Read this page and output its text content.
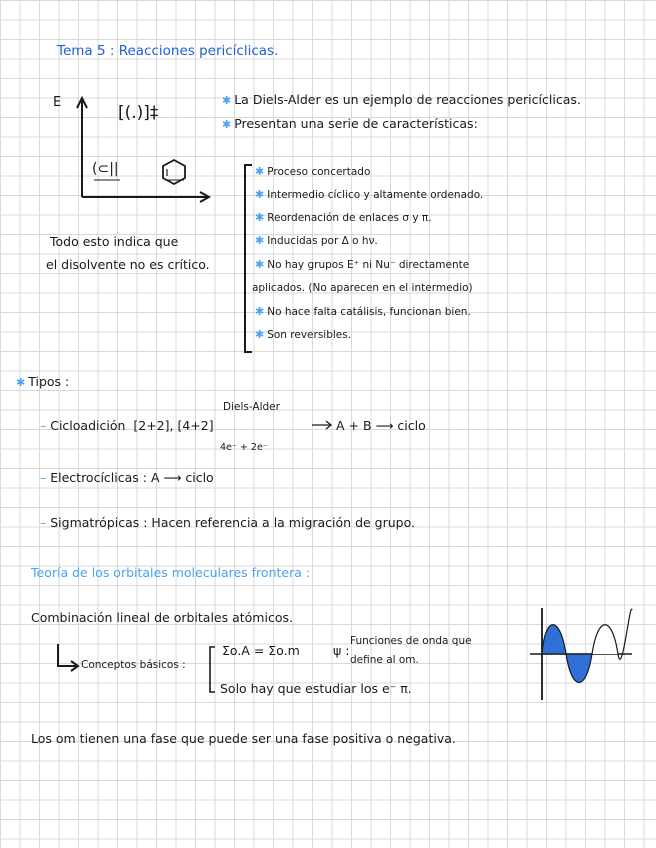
Tema 5 : Reacciones pericíclicas.
E
[(.)]‡
(⊂||
Todo esto indica que
el disolvente no es crítico.
✱ La Diels-Alder es un ejemplo de reacciones pericíclicas.
✱ Presentan una serie de características:
✱ Proceso concertado
✱ Intermedio cíclico y altamente ordenado.
✱ Reordenación de enlaces σ y π.
✱ Inducidas por Δ o hν.
✱ No hay grupos E⁺ ni Nu⁻ directamente
aplicados. (No aparecen en el intermedio)
✱ No hace falta catálisis, funcionan bien.
✱ Son reversibles.
✱ Tipos :
Diels-Alder
– Cicloadición [2+2], [4+2]	A + B ⟶ ciclo
4e⁻ + 2e⁻
– Electrocíclicas : A ⟶ ciclo
– Sigmatrópicas : Hacen referencia a la migración de grupo.
Teoría de los orbitales moleculares frontera :
Combinación lineal de orbitales atómicos.
Conceptos básicos :
Σo.A = Σo.m	ψ :
Funciones de onda que
define al om.
Solo hay que estudiar los e⁻ π.
Los om tienen una fase que puede ser una fase positiva o negativa.
